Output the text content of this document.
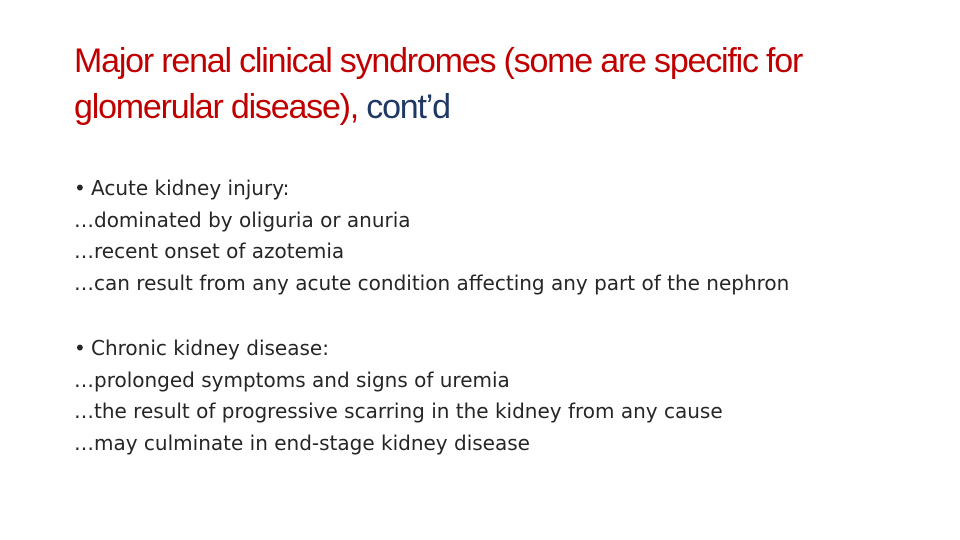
Major renal clinical syndromes (some are specific for glomerular disease), cont’d
• Acute kidney injury:
…dominated by oliguria or anuria
…recent onset of azotemia
…can result from any acute condition affecting any part of the nephron
• Chronic kidney disease:
…prolonged symptoms and signs of uremia
…the result of progressive scarring in the kidney from any cause
…may culminate in end-stage kidney disease
